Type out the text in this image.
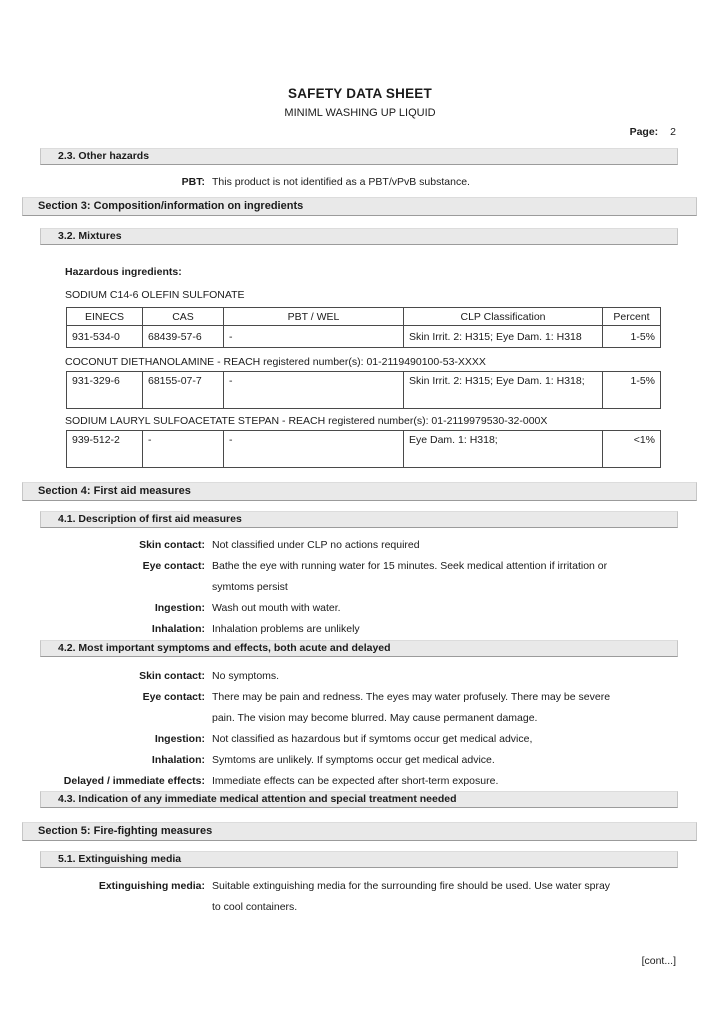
SAFETY DATA SHEET
MINIML WASHING UP LIQUID
Page: 2
2.3. Other hazards
PBT: This product is not identified as a PBT/vPvB substance.
Section 3: Composition/information on ingredients
3.2. Mixtures
Hazardous ingredients:
SODIUM C14-6 OLEFIN SULFONATE
EINECS	CAS	PBT / WEL	CLP Classification	Percent
931-534-0	68439-57-6	-	Skin Irrit. 2: H315; Eye Dam. 1: H318	1-5%
COCONUT DIETHANOLAMINE - REACH registered number(s): 01-2119490100-53-XXXX
931-329-6	68155-07-7	-	Skin Irrit. 2: H315; Eye Dam. 1: H318;	1-5%
SODIUM LAURYL SULFOACETATE STEPAN - REACH registered number(s): 01-2119979530-32-000X
939-512-2	-	-	Eye Dam. 1: H318;	<1%
Section 4: First aid measures
4.1. Description of first aid measures
Skin contact: Not classified under CLP no actions required
Eye contact: Bathe the eye with running water for 15 minutes. Seek medical attention if irritation or
symtoms persist
Ingestion: Wash out mouth with water.
Inhalation: Inhalation problems are unlikely
4.2. Most important symptoms and effects, both acute and delayed
Skin contact: No symptoms.
Eye contact: There may be pain and redness. The eyes may water profusely. There may be severe
pain. The vision may become blurred. May cause permanent damage.
Ingestion: Not classified as hazardous but if symtoms occur get medical advice,
Inhalation: Symtoms are unlikely. If symptoms occur get medical advice.
Delayed / immediate effects: Immediate effects can be expected after short-term exposure.
4.3. Indication of any immediate medical attention and special treatment needed
Section 5: Fire-fighting measures
5.1. Extinguishing media
Extinguishing media: Suitable extinguishing media for the surrounding fire should be used. Use water spray
to cool containers.
[cont...]
